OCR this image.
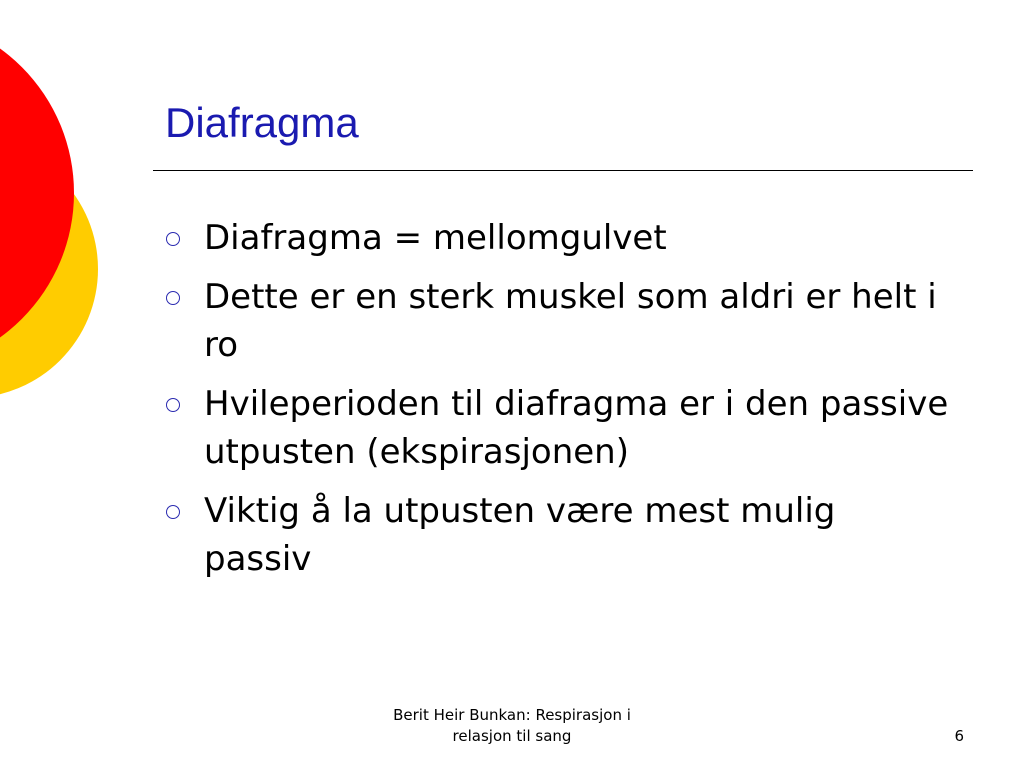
Diafragma
Diafragma = mellomgulvet
Dette er en sterk muskel som aldri er helt i ro
Hvileperioden til diafragma er i den passive utpusten (ekspirasjonen)
Viktig å la utpusten være mest mulig passiv
Berit Heir Bunkan: Respirasjon i
relasjon til sang	6
